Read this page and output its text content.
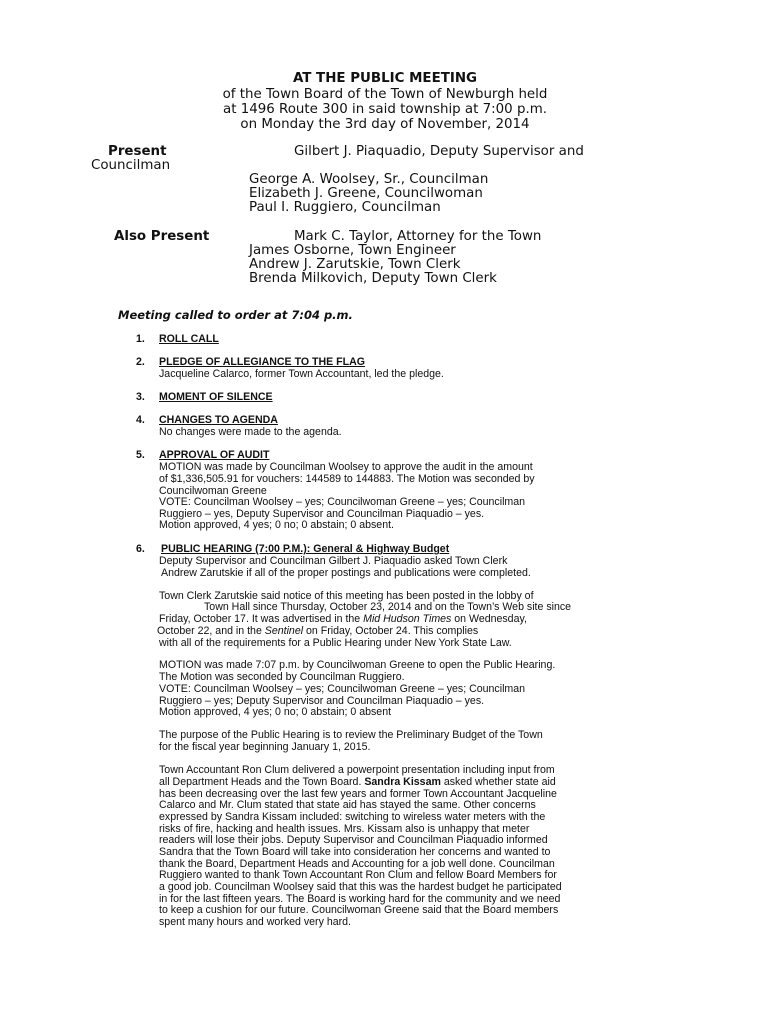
AT THE PUBLIC MEETING
of the Town Board of the Town of Newburgh held
at 1496 Route 300 in said township at 7:00 p.m.
on Monday the 3rd day of November, 2014
Present	Gilbert J. Piaquadio, Deputy Supervisor and
Councilman
George A. Woolsey, Sr., Councilman
Elizabeth J. Greene, Councilwoman
Paul I. Ruggiero, Councilman
Also Present	Mark C. Taylor, Attorney for the Town
James Osborne, Town Engineer
Andrew J. Zarutskie, Town Clerk
Brenda Milkovich, Deputy Town Clerk
Meeting called to order at 7:04 p.m.
1. ROLL CALL
2. PLEDGE OF ALLEGIANCE TO THE FLAG
Jacqueline Calarco, former Town Accountant, led the pledge.
3. MOMENT OF SILENCE
4. CHANGES TO AGENDA
No changes were made to the agenda.
5. APPROVAL OF AUDIT
MOTION was made by Councilman Woolsey to approve the audit in the amount
of $1,336,505.91 for vouchers: 144589 to 144883. The Motion was seconded by
Councilwoman Greene
VOTE: Councilman Woolsey – yes; Councilwoman Greene – yes; Councilman
Ruggiero – yes, Deputy Supervisor and Councilman Piaquadio – yes.
Motion approved, 4 yes; 0 no; 0 abstain; 0 absent.
6. PUBLIC HEARING (7:00 P.M.): General & Highway Budget
Deputy Supervisor and Councilman Gilbert J. Piaquadio asked Town Clerk
Andrew Zarutskie if all of the proper postings and publications were completed.
Town Clerk Zarutskie said notice of this meeting has been posted in the lobby of
Town Hall since Thursday, October 23, 2014 and on the Town’s Web site since
Friday, October 17. It was advertised in the Mid Hudson Times on Wednesday,
October 22, and in the Sentinel on Friday, October 24. This complies
with all of the requirements for a Public Hearing under New York State Law.
MOTION was made 7:07 p.m. by Councilwoman Greene to open the Public Hearing.
The Motion was seconded by Councilman Ruggiero.
VOTE: Councilman Woolsey – yes; Councilwoman Greene – yes; Councilman
Ruggiero – yes; Deputy Supervisor and Councilman Piaquadio – yes.
Motion approved, 4 yes; 0 no; 0 abstain; 0 absent
The purpose of the Public Hearing is to review the Preliminary Budget of the Town
for the fiscal year beginning January 1, 2015.
Town Accountant Ron Clum delivered a powerpoint presentation including input from
all Department Heads and the Town Board. Sandra Kissam asked whether state aid
has been decreasing over the last few years and former Town Accountant Jacqueline
Calarco and Mr. Clum stated that state aid has stayed the same. Other concerns
expressed by Sandra Kissam included: switching to wireless water meters with the
risks of fire, hacking and health issues. Mrs. Kissam also is unhappy that meter
readers will lose their jobs. Deputy Supervisor and Councilman Piaquadio informed
Sandra that the Town Board will take into consideration her concerns and wanted to
thank the Board, Department Heads and Accounting for a job well done. Councilman
Ruggiero wanted to thank Town Accountant Ron Clum and fellow Board Members for
a good job. Councilman Woolsey said that this was the hardest budget he participated
in for the last fifteen years. The Board is working hard for the community and we need
to keep a cushion for our future. Councilwoman Greene said that the Board members
spent many hours and worked very hard.
